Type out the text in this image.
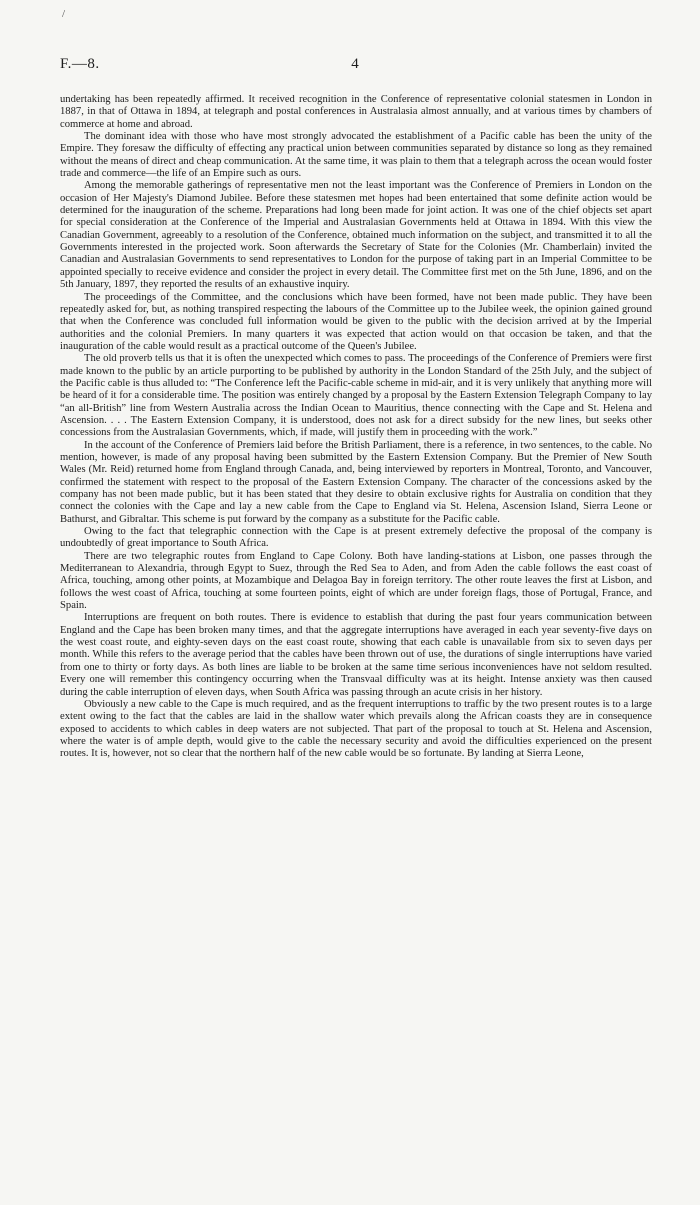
/
F.—8.	4

undertaking has been repeatedly affirmed. It received recognition in the Conference of representative colonial statesmen in London in 1887, in that of Ottawa in 1894, at telegraph and postal conferences in Australasia almost annually, and at various times by chambers of commerce at home and abroad.

The dominant idea with those who have most strongly advocated the establishment of a Pacific cable has been the unity of the Empire. They foresaw the difficulty of effecting any practical union between communities separated by distance so long as they remained without the means of direct and cheap communication. At the same time, it was plain to them that a telegraph across the ocean would foster trade and commerce—the life of an Empire such as ours.

Among the memorable gatherings of representative men not the least important was the Conference of Premiers in London on the occasion of Her Majesty's Diamond Jubilee. Before these statesmen met hopes had been entertained that some definite action would be determined for the inauguration of the scheme. Preparations had long been made for joint action. It was one of the chief objects set apart for special consideration at the Conference of the Imperial and Australasian Governments held at Ottawa in 1894. With this view the Canadian Government, agreeably to a resolution of the Conference, obtained much information on the subject, and transmitted it to all the Governments interested in the projected work. Soon afterwards the Secretary of State for the Colonies (Mr. Chamberlain) invited the Canadian and Australasian Governments to send representatives to London for the purpose of taking part in an Imperial Committee to be appointed specially to receive evidence and consider the project in every detail. The Committee first met on the 5th June, 1896, and on the 5th January, 1897, they reported the results of an exhaustive inquiry.

The proceedings of the Committee, and the conclusions which have been formed, have not been made public. They have been repeatedly asked for, but, as nothing transpired respecting the labours of the Committee up to the Jubilee week, the opinion gained ground that when the Conference was concluded full information would be given to the public with the decision arrived at by the Imperial authorities and the colonial Premiers. In many quarters it was expected that action would on that occasion be taken, and that the inauguration of the cable would result as a practical outcome of the Queen's Jubilee.

The old proverb tells us that it is often the unexpected which comes to pass. The proceedings of the Conference of Premiers were first made known to the public by an article purporting to be published by authority in the London Standard of the 25th July, and the subject of the Pacific cable is thus alluded to: “The Conference left the Pacific-cable scheme in mid-air, and it is very unlikely that anything more will be heard of it for a considerable time. The position was entirely changed by a proposal by the Eastern Extension Telegraph Company to lay “an all-British” line from Western Australia across the Indian Ocean to Mauritius, thence connecting with the Cape and St. Helena and Ascension. . . . The Eastern Extension Company, it is understood, does not ask for a direct subsidy for the new lines, but seeks other concessions from the Australasian Governments, which, if made, will justify them in proceeding with the work.”

In the account of the Conference of Premiers laid before the British Parliament, there is a reference, in two sentences, to the cable. No mention, however, is made of any proposal having been submitted by the Eastern Extension Company. But the Premier of New South Wales (Mr. Reid) returned home from England through Canada, and, being interviewed by reporters in Montreal, Toronto, and Vancouver, confirmed the statement with respect to the proposal of the Eastern Extension Company. The character of the concessions asked by the company has not been made public, but it has been stated that they desire to obtain exclusive rights for Australia on condition that they connect the colonies with the Cape and lay a new cable from the Cape to England via St. Helena, Ascension Island, Sierra Leone or Bathurst, and Gibraltar. This scheme is put forward by the company as a substitute for the Pacific cable.

Owing to the fact that telegraphic connection with the Cape is at present extremely defective the proposal of the company is undoubtedly of great importance to South Africa.

There are two telegraphic routes from England to Cape Colony. Both have landing-stations at Lisbon, one passes through the Mediterranean to Alexandria, through Egypt to Suez, through the Red Sea to Aden, and from Aden the cable follows the east coast of Africa, touching, among other points, at Mozambique and Delagoa Bay in foreign territory. The other route leaves the first at Lisbon, and follows the west coast of Africa, touching at some fourteen points, eight of which are under foreign flags, those of Portugal, France, and Spain.

Interruptions are frequent on both routes. There is evidence to establish that during the past four years communication between England and the Cape has been broken many times, and that the aggregate interruptions have averaged in each year seventy-five days on the west coast route, and eighty-seven days on the east coast route, showing that each cable is unavailable from six to seven days per month. While this refers to the average period that the cables have been thrown out of use, the durations of single interruptions have varied from one to thirty or forty days. As both lines are liable to be broken at the same time serious inconveniences have not seldom resulted. Every one will remember this contingency occurring when the Transvaal difficulty was at its height. Intense anxiety was then caused during the cable interruption of eleven days, when South Africa was passing through an acute crisis in her history.

Obviously a new cable to the Cape is much required, and as the frequent interruptions to traffic by the two present routes is to a large extent owing to the fact that the cables are laid in the shallow water which prevails along the African coasts they are in consequence exposed to accidents to which cables in deep waters are not subjected. That part of the proposal to touch at St. Helena and Ascension, where the water is of ample depth, would give to the cable the necessary security and avoid the difficulties experienced on the present routes. It is, however, not so clear that the northern half of the new cable would be so fortunate. By landing at Sierra Leone,
